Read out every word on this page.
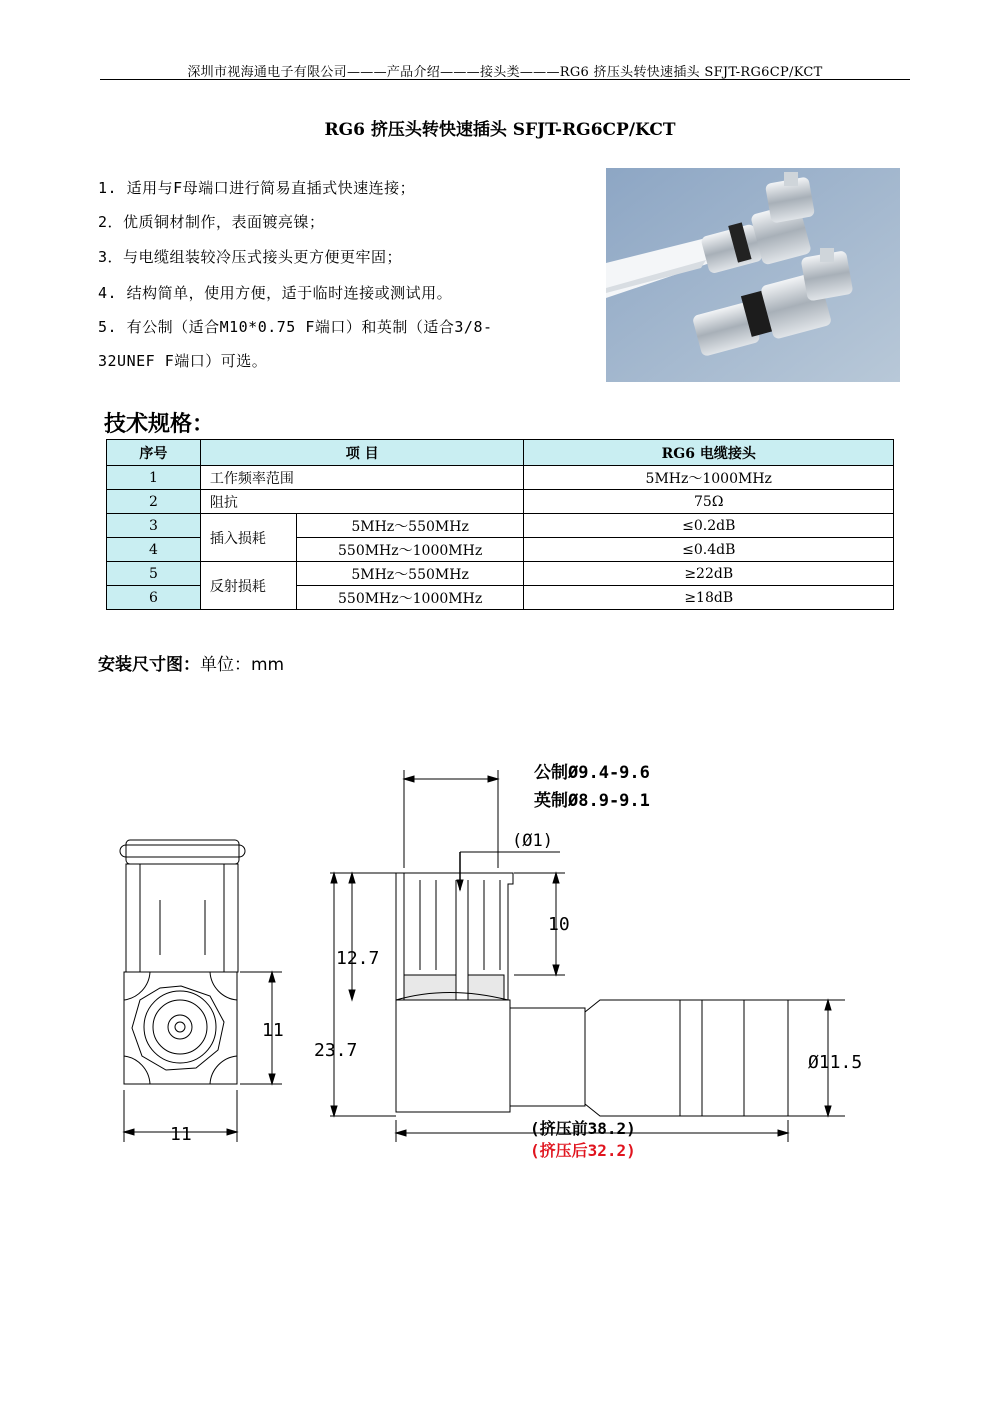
深圳市视海通电子有限公司———产品介绍———接头类———RG6 挤压头转快速插头 SFJT-RG6CP/KCT
RG6 挤压头转快速插头 SFJT-RG6CP/KCT
1. 适用与F母端口进行简易直插式快速连接；
2．优质铜材制作，表面镀亮镍；
3．与电缆组装较冷压式接头更方便更牢固；
4. 结构简单，使用方便，适于临时连接或测试用。
5. 有公制（适合M10*0.75 F端口）和英制（适合3/8-
32UNEF F端口）可选。
技术规格：
序号	项 目		RG6 电缆接头
1	工作频率范围		5MHz～1000MHz
2	阻抗		75Ω
3	插入损耗	5MHz～550MHz	≤0.2dB
4		550MHz～1000MHz	≤0.4dB
5	反射损耗	5MHz～550MHz	≥22dB
6		550MHz～1000MHz	≥18dB
安装尺寸图：单位：mm
公制Ø9.4-9.6
英制Ø8.9-9.1
(Ø1)
10
12.7
23.7
11
11
Ø11.5
(挤压前38.2)
(挤压后32.2)
